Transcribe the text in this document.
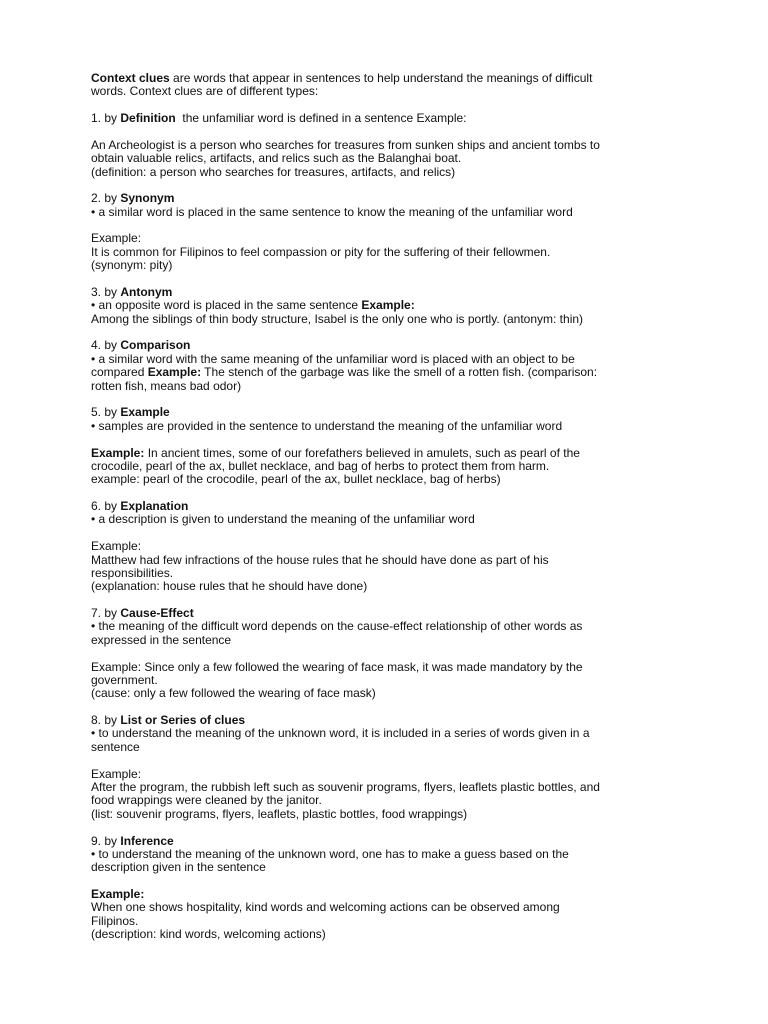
Context clues are words that appear in sentences to help understand the meanings of difficult
words. Context clues are of different types:

1. by Definition  the unfamiliar word is defined in a sentence Example:

An Archeologist is a person who searches for treasures from sunken ships and ancient tombs to
obtain valuable relics, artifacts, and relics such as the Balanghai boat.
(definition: a person who searches for treasures, artifacts, and relics)

2. by Synonym
• a similar word is placed in the same sentence to know the meaning of the unfamiliar word

Example:
It is common for Filipinos to feel compassion or pity for the suffering of their fellowmen.
(synonym: pity)

3. by Antonym
• an opposite word is placed in the same sentence Example:
Among the siblings of thin body structure, Isabel is the only one who is portly. (antonym: thin)

4. by Comparison
• a similar word with the same meaning of the unfamiliar word is placed with an object to be
compared Example: The stench of the garbage was like the smell of a rotten fish. (comparison:
rotten fish, means bad odor)

5. by Example
• samples are provided in the sentence to understand the meaning of the unfamiliar word

Example: In ancient times, some of our forefathers believed in amulets, such as pearl of the
crocodile, pearl of the ax, bullet necklace, and bag of herbs to protect them from harm.
example: pearl of the crocodile, pearl of the ax, bullet necklace, bag of herbs)

6. by Explanation
• a description is given to understand the meaning of the unfamiliar word

Example:
Matthew had few infractions of the house rules that he should have done as part of his
responsibilities.
(explanation: house rules that he should have done)

7. by Cause-Effect
• the meaning of the difficult word depends on the cause-effect relationship of other words as
expressed in the sentence

Example: Since only a few followed the wearing of face mask, it was made mandatory by the
government.
(cause: only a few followed the wearing of face mask)

8. by List or Series of clues
• to understand the meaning of the unknown word, it is included in a series of words given in a
sentence

Example:
After the program, the rubbish left such as souvenir programs, flyers, leaflets plastic bottles, and
food wrappings were cleaned by the janitor.
(list: souvenir programs, flyers, leaflets, plastic bottles, food wrappings)

9. by Inference
• to understand the meaning of the unknown word, one has to make a guess based on the
description given in the sentence

Example:
When one shows hospitality, kind words and welcoming actions can be observed among
Filipinos.
(description: kind words, welcoming actions)
